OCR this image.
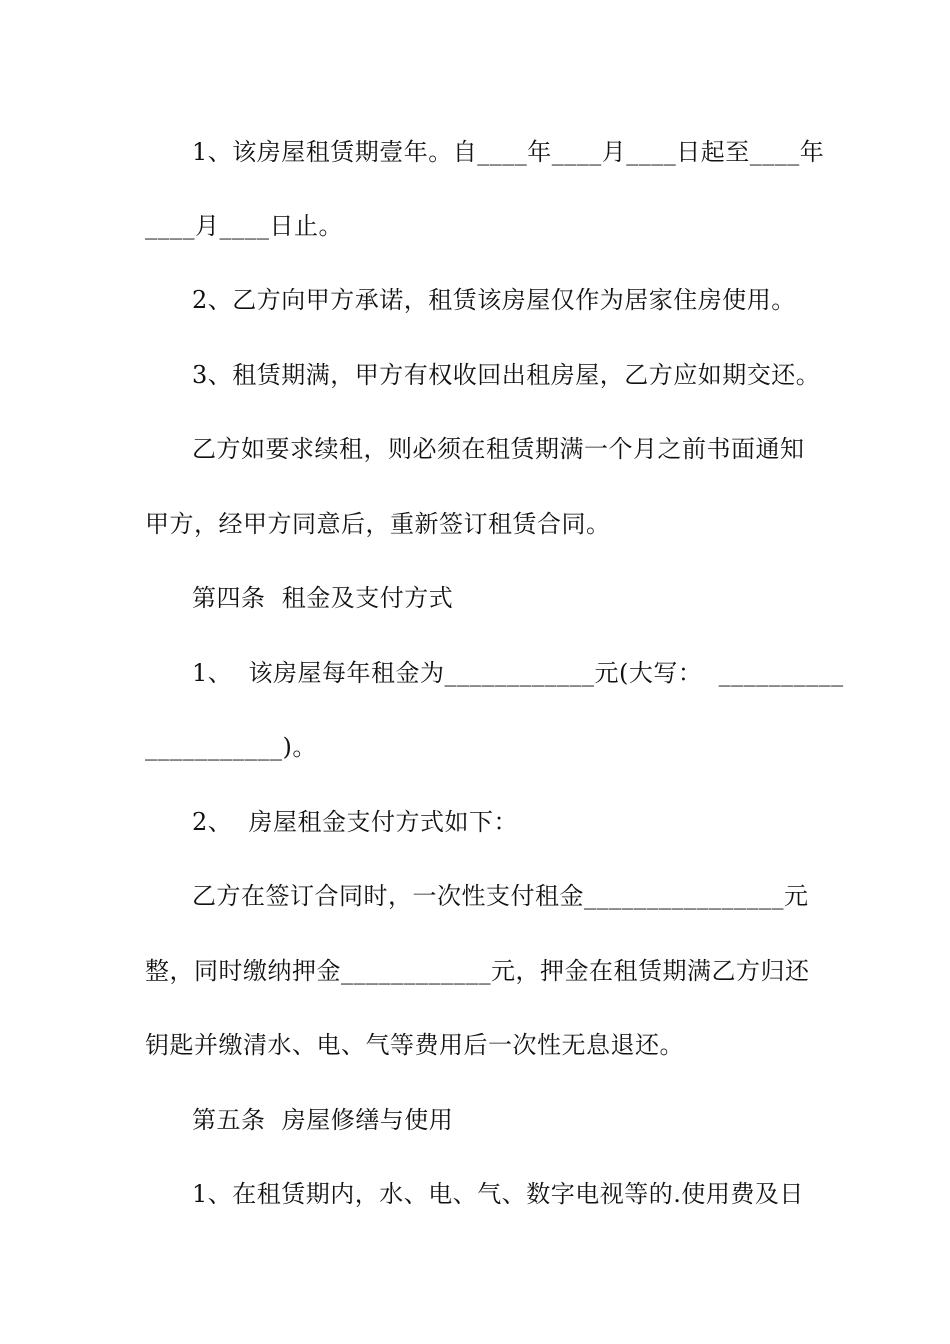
1、该房屋租赁期壹年。自____年____月____日起至____年
____月____日止。
2、乙方向甲方承诺，租赁该房屋仅作为居家住房使用。
3、租赁期满，甲方有权收回出租房屋，乙方应如期交还。
乙方如要求续租，则必须在租赁期满一个月之前书面通知
甲方，经甲方同意后，重新签订租赁合同。
第四条  租金及支付方式
1、  该房屋每年租金为____________元(大写：  __________
___________)。
2、  房屋租金支付方式如下：
乙方在签订合同时，一次性支付租金________________元
整，同时缴纳押金____________元，押金在租赁期满乙方归还
钥匙并缴清水、电、气等费用后一次性无息退还。
第五条  房屋修缮与使用
1、在租赁期内，水、电、气、数字电视等的.使用费及日
